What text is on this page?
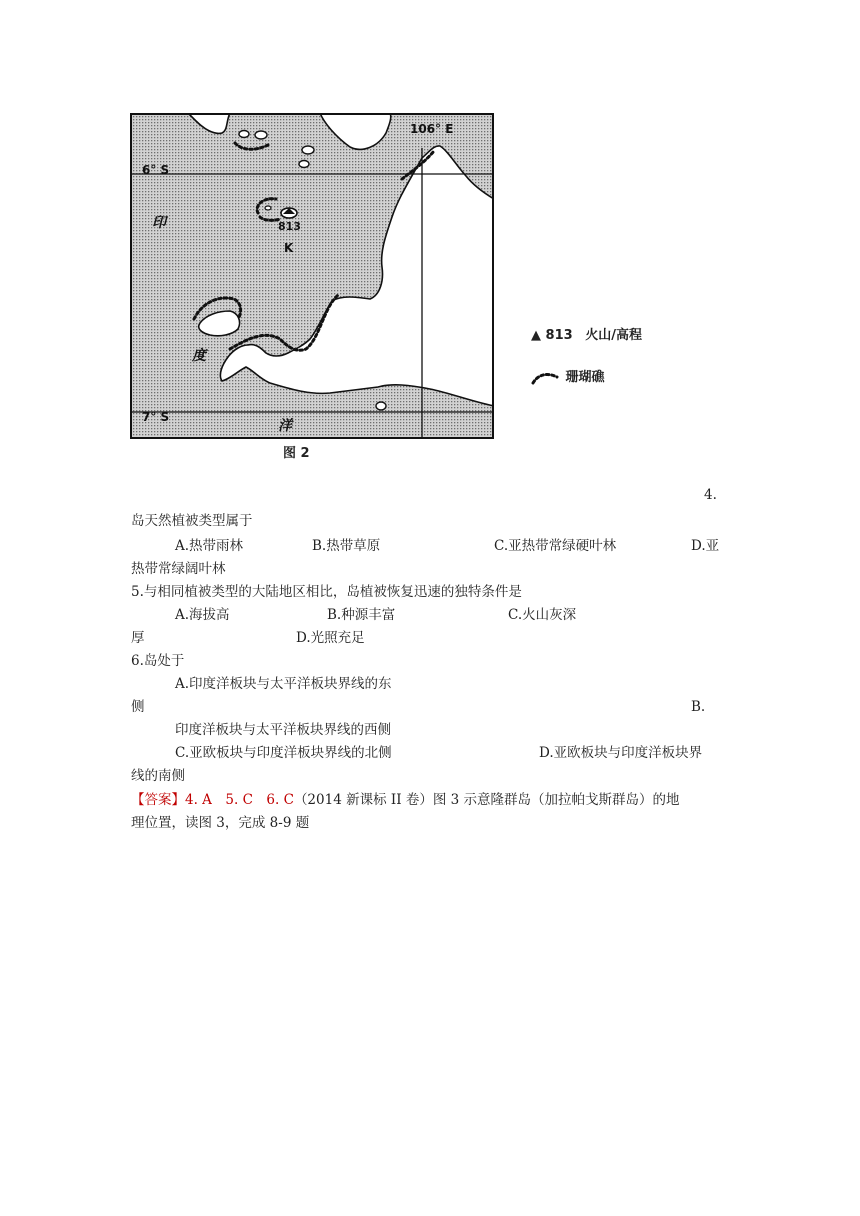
106° E
6° S
7° S
813
K
印
度
洋
图 2
▲ 813 火山/高程
珊瑚礁
4.
岛天然植被类型属于
A.热带雨林	B.热带草原	C.亚热带常绿硬叶林	D.亚
热带常绿阔叶林
5.与相同植被类型的大陆地区相比，岛植被恢复迅速的独特条件是
A.海拔高	B.种源丰富	C.火山灰深
厚	D.光照充足
6.岛处于
A.印度洋板块与太平洋板块界线的东
侧	B.
印度洋板块与太平洋板块界线的西侧
C.亚欧板块与印度洋板块界线的北侧	D.亚欧板块与印度洋板块界
线的南侧
【答案】4. A　5. C　6. C（2014 新课标 II 卷）图 3 示意隆群岛（加拉帕戈斯群岛）的地
理位置，读图 3，完成 8-9 题
